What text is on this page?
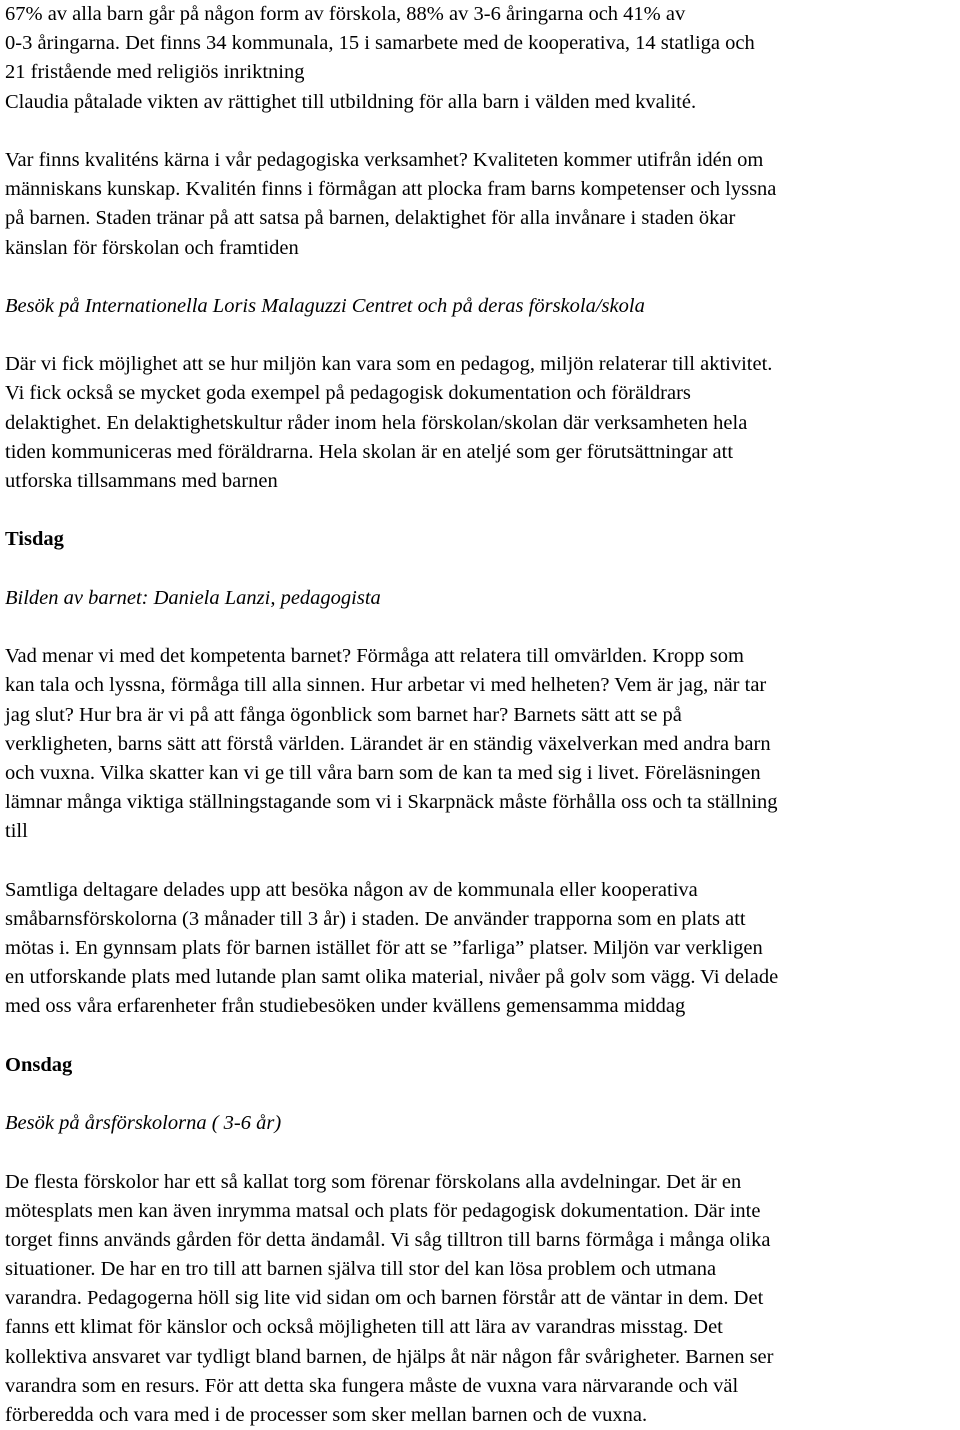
67% av alla barn går på någon form av förskola, 88% av 3-6 åringarna och 41% av
0-3 åringarna. Det finns 34 kommunala, 15 i samarbete med de kooperativa, 14 statliga och
21 fristående med religiös inriktning
Claudia påtalade vikten av rättighet till utbildning för alla barn i välden med kvalité.
Var finns kvaliténs kärna i vår pedagogiska verksamhet? Kvaliteten kommer utifrån idén om
människans kunskap. Kvalitén finns i förmågan att plocka fram barns kompetenser och lyssna
på barnen. Staden tränar på att satsa på barnen, delaktighet för alla invånare i staden ökar
känslan för förskolan och framtiden
Besök på Internationella Loris Malaguzzi Centret och på deras förskola/skola
Där vi fick möjlighet att se hur miljön kan vara som en pedagog, miljön relaterar till aktivitet.
Vi fick också se mycket goda exempel på pedagogisk dokumentation och föräldrars
delaktighet. En delaktighetskultur råder inom hela förskolan/skolan där verksamheten hela
tiden kommuniceras med föräldrarna. Hela skolan är en ateljé som ger förutsättningar att
utforska tillsammans med barnen
Tisdag
Bilden av barnet: Daniela Lanzi, pedagogista
Vad menar vi med det kompetenta barnet? Förmåga att relatera till omvärlden. Kropp som
kan tala och lyssna, förmåga till alla sinnen. Hur arbetar vi med helheten? Vem är jag, när tar
jag slut? Hur bra är vi på att fånga ögonblick som barnet har? Barnets sätt att se på
verkligheten, barns sätt att förstå världen. Lärandet är en ständig växelverkan med andra barn
och vuxna. Vilka skatter kan vi ge till våra barn som de kan ta med sig i livet. Föreläsningen
lämnar många viktiga ställningstagande som vi i Skarpnäck måste förhålla oss och ta ställning
till
Samtliga deltagare delades upp att besöka någon av de kommunala eller kooperativa
småbarnsförskolorna (3 månader till 3 år) i staden. De använder trapporna som en plats att
mötas i. En gynnsam plats för barnen istället för att se ”farliga” platser. Miljön var verkligen
en utforskande plats med lutande plan samt olika material, nivåer på golv som vägg. Vi delade
med oss våra erfarenheter från studiebesöken under kvällens gemensamma middag
Onsdag
Besök på årsförskolorna ( 3-6 år)
De flesta förskolor har ett så kallat torg som förenar förskolans alla avdelningar. Det är en
mötesplats men kan även inrymma matsal och plats för pedagogisk dokumentation. Där inte
torget finns används gården för detta ändamål. Vi såg tilltron till barns förmåga i många olika
situationer. De har en tro till att barnen själva till stor del kan lösa problem och utmana
varandra. Pedagogerna höll sig lite vid sidan om och barnen förstår att de väntar in dem. Det
fanns ett klimat för känslor och också möjligheten till att lära av varandras misstag. Det
kollektiva ansvaret var tydligt bland barnen, de hjälps åt när någon får svårigheter. Barnen ser
varandra som en resurs. För att detta ska fungera måste de vuxna vara närvarande och väl
förberedda och vara med i de processer som sker mellan barnen och de vuxna.
